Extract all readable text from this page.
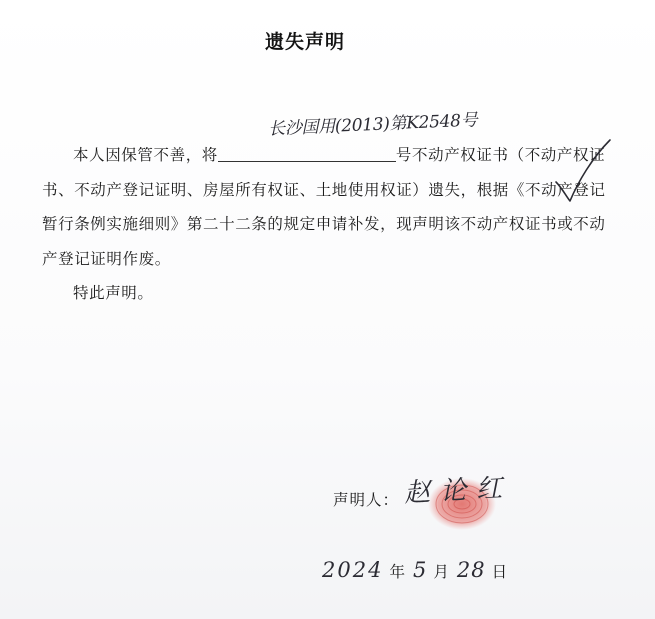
遗失声明
长沙国用(2013)第K2548号

本人因保管不善，将	号不动产权证书（不动产权证书、不动产登记证明、房屋所有权证、土地使用权证）遗失，根据《不动产登记暂行条例实施细则》第二十二条的规定申请补发，现声明该不动产权证书或不动产登记证明作废。

特此声明。

声明人： 赵论红
2024 年 5 月 28 日
